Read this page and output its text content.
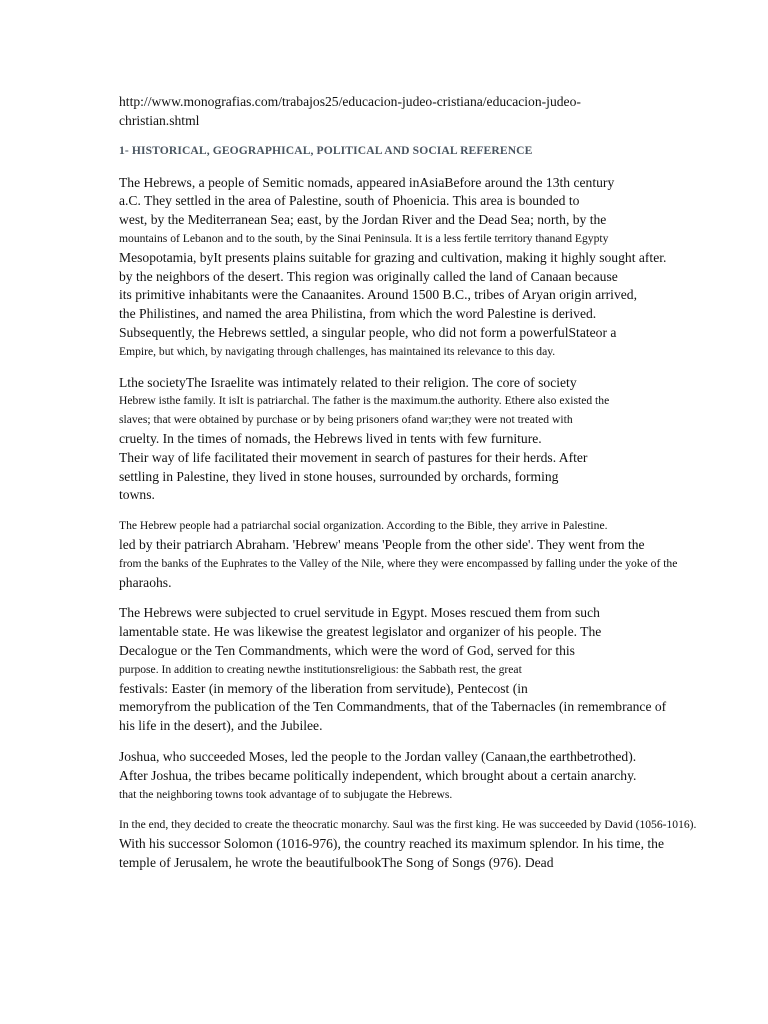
http://www.monografias.com/trabajos25/educacion-judeo-cristiana/educacion-judeo-
christian.shtml
1- HISTORICAL, GEOGRAPHICAL, POLITICAL AND SOCIAL REFERENCE
The Hebrews, a people of Semitic nomads, appeared inAsiaBefore around the 13th century
a.C. They settled in the area of Palestine, south of Phoenicia. This area is bounded to
west, by the Mediterranean Sea; east, by the Jordan River and the Dead Sea; north, by the
mountains of Lebanon and to the south, by the Sinai Peninsula. It is a less fertile territory thanand Egypty
Mesopotamia, byIt presents plains suitable for grazing and cultivation, making it highly sought after.
by the neighbors of the desert. This region was originally called the land of Canaan because
its primitive inhabitants were the Canaanites. Around 1500 B.C., tribes of Aryan origin arrived,
the Philistines, and named the area Philistina, from which the word Palestine is derived.
Subsequently, the Hebrews settled, a singular people, who did not form a powerfulStateor a
Empire, but which, by navigating through challenges, has maintained its relevance to this day.
Lthe societyThe Israelite was intimately related to their religion. The core of society
Hebrew isthe family. It isIt is patriarchal. The father is the maximum.the authority. Ethere also existed the
slaves; that were obtained by purchase or by being prisoners ofand war;they were not treated with
cruelty. In the times of nomads, the Hebrews lived in tents with few furniture.
Their way of life facilitated their movement in search of pastures for their herds. After
settling in Palestine, they lived in stone houses, surrounded by orchards, forming
towns.
The Hebrew people had a patriarchal social organization. According to the Bible, they arrive in Palestine.
led by their patriarch Abraham. 'Hebrew' means 'People from the other side'. They went from the
from the banks of the Euphrates to the Valley of the Nile, where they were encompassed by falling under the yoke of the
pharaohs.
The Hebrews were subjected to cruel servitude in Egypt. Moses rescued them from such
lamentable state. He was likewise the greatest legislator and organizer of his people. The
Decalogue or the Ten Commandments, which were the word of God, served for this
purpose. In addition to creating newthe institutionsreligious: the Sabbath rest, the great
festivals: Easter (in memory of the liberation from servitude), Pentecost (in
memoryfrom the publication of the Ten Commandments, that of the Tabernacles (in remembrance of
his life in the desert), and the Jubilee.
Joshua, who succeeded Moses, led the people to the Jordan valley (Canaan,the earthbetrothed).
After Joshua, the tribes became politically independent, which brought about a certain anarchy.
that the neighboring towns took advantage of to subjugate the Hebrews.
In the end, they decided to create the theocratic monarchy. Saul was the first king. He was succeeded by David (1056-1016).
With his successor Solomon (1016-976), the country reached its maximum splendor. In his time, the
temple of Jerusalem, he wrote the beautifulbookThe Song of Songs (976). Dead
